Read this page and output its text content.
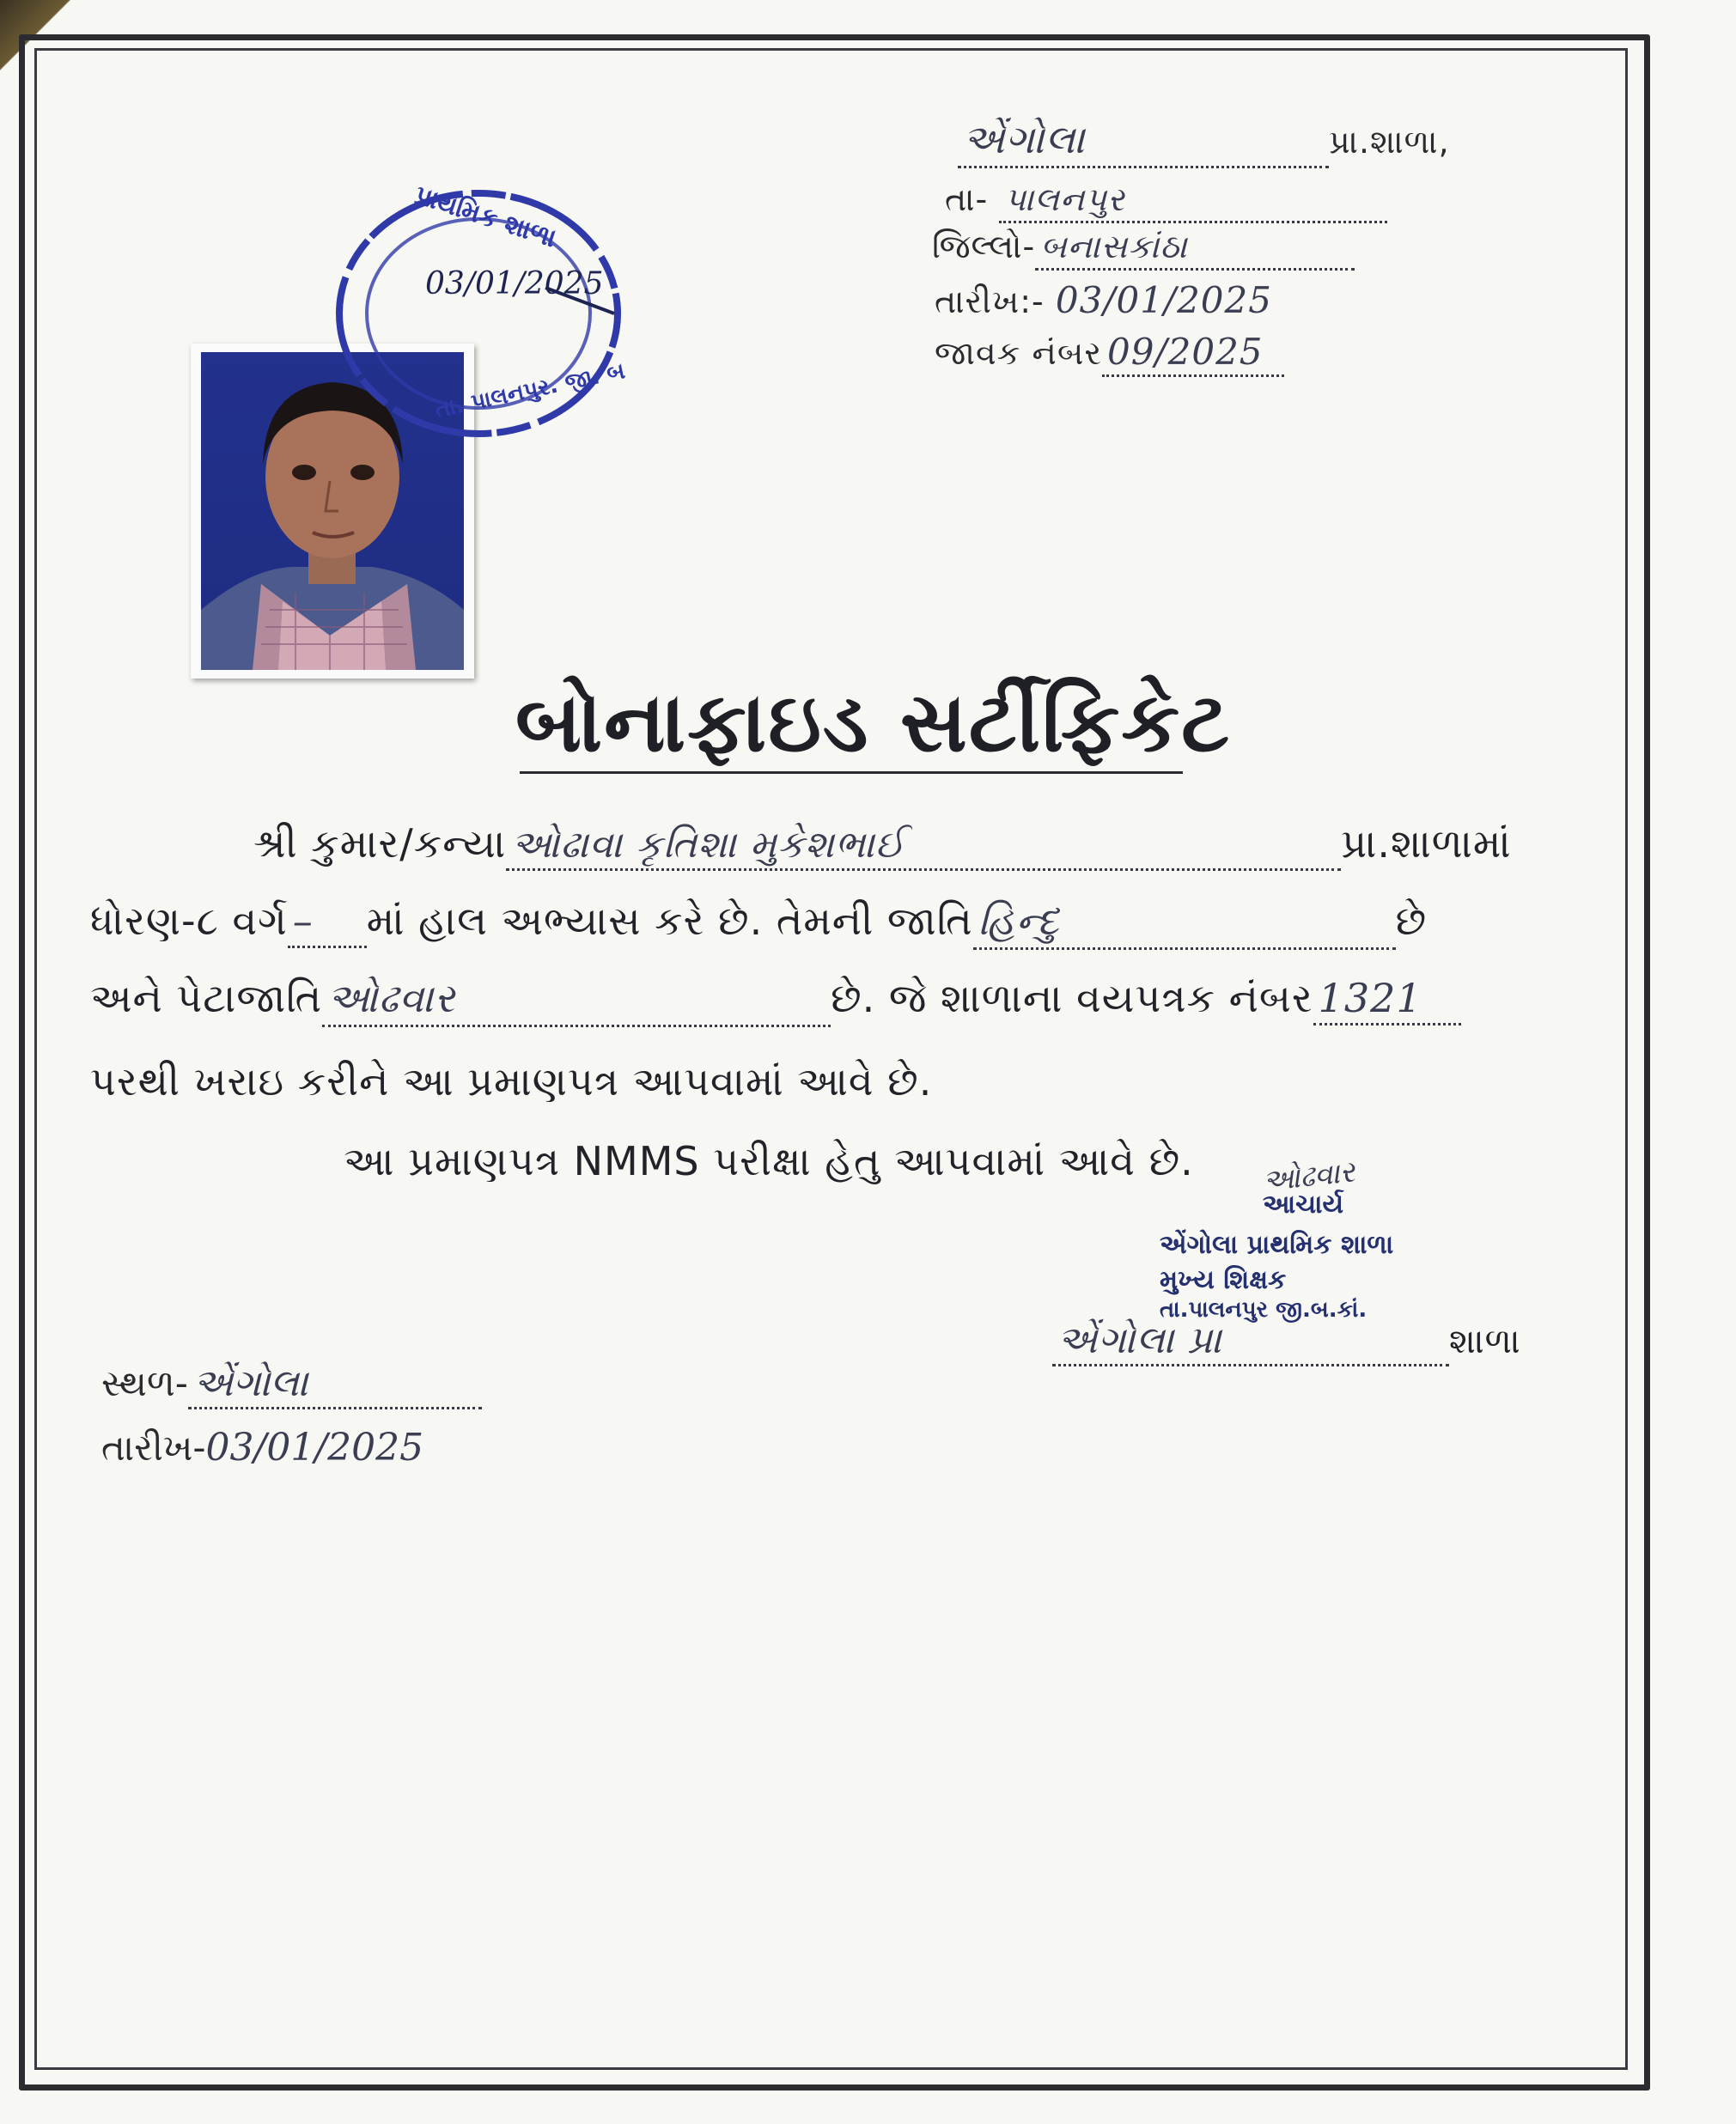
એંગોલા	પ્રા.શાળા,
તા- પાલનપુર
જિલ્લો- બનાસકાંઠા
તારીખ:- 03/01/2025
જાવક નંબર 09/2025
પ્રાથમિક શાળા
03/01/2025
તા. પાલનપુર. જી. બ
બોનાફાઇડ સર્ટીફિકેટ
શ્રી કુમાર/કન્યા ઓઢાવા કૃતિશા મુકેશભાઈ	પ્રા.શાળામાં
ધોરણ-૮ વર્ગ – માં હાલ અભ્યાસ કરે છે. તેમની જાતિ હિન્દુ	છે
અને પેટાજાતિ ઓઢવાર	છે. જે શાળાના વયપત્રક નંબર 1321
પરથી ખરાઇ કરીને આ પ્રમાણપત્ર આપવામાં આવે છે.
આ પ્રમાણપત્ર NMMS પરીક્ષા હેતુ આપવામાં આવે છે. ઓઢવાર
આચાર્ય
એંગોલા પ્રાથમિક શાળા
મુખ્ય શિક્ષક
તા.પાલનપુર જી.બ.કાં.
એંગોલા પ્રા	શાળા
સ્થળ- એંગોલા
તારીખ-03/01/2025
